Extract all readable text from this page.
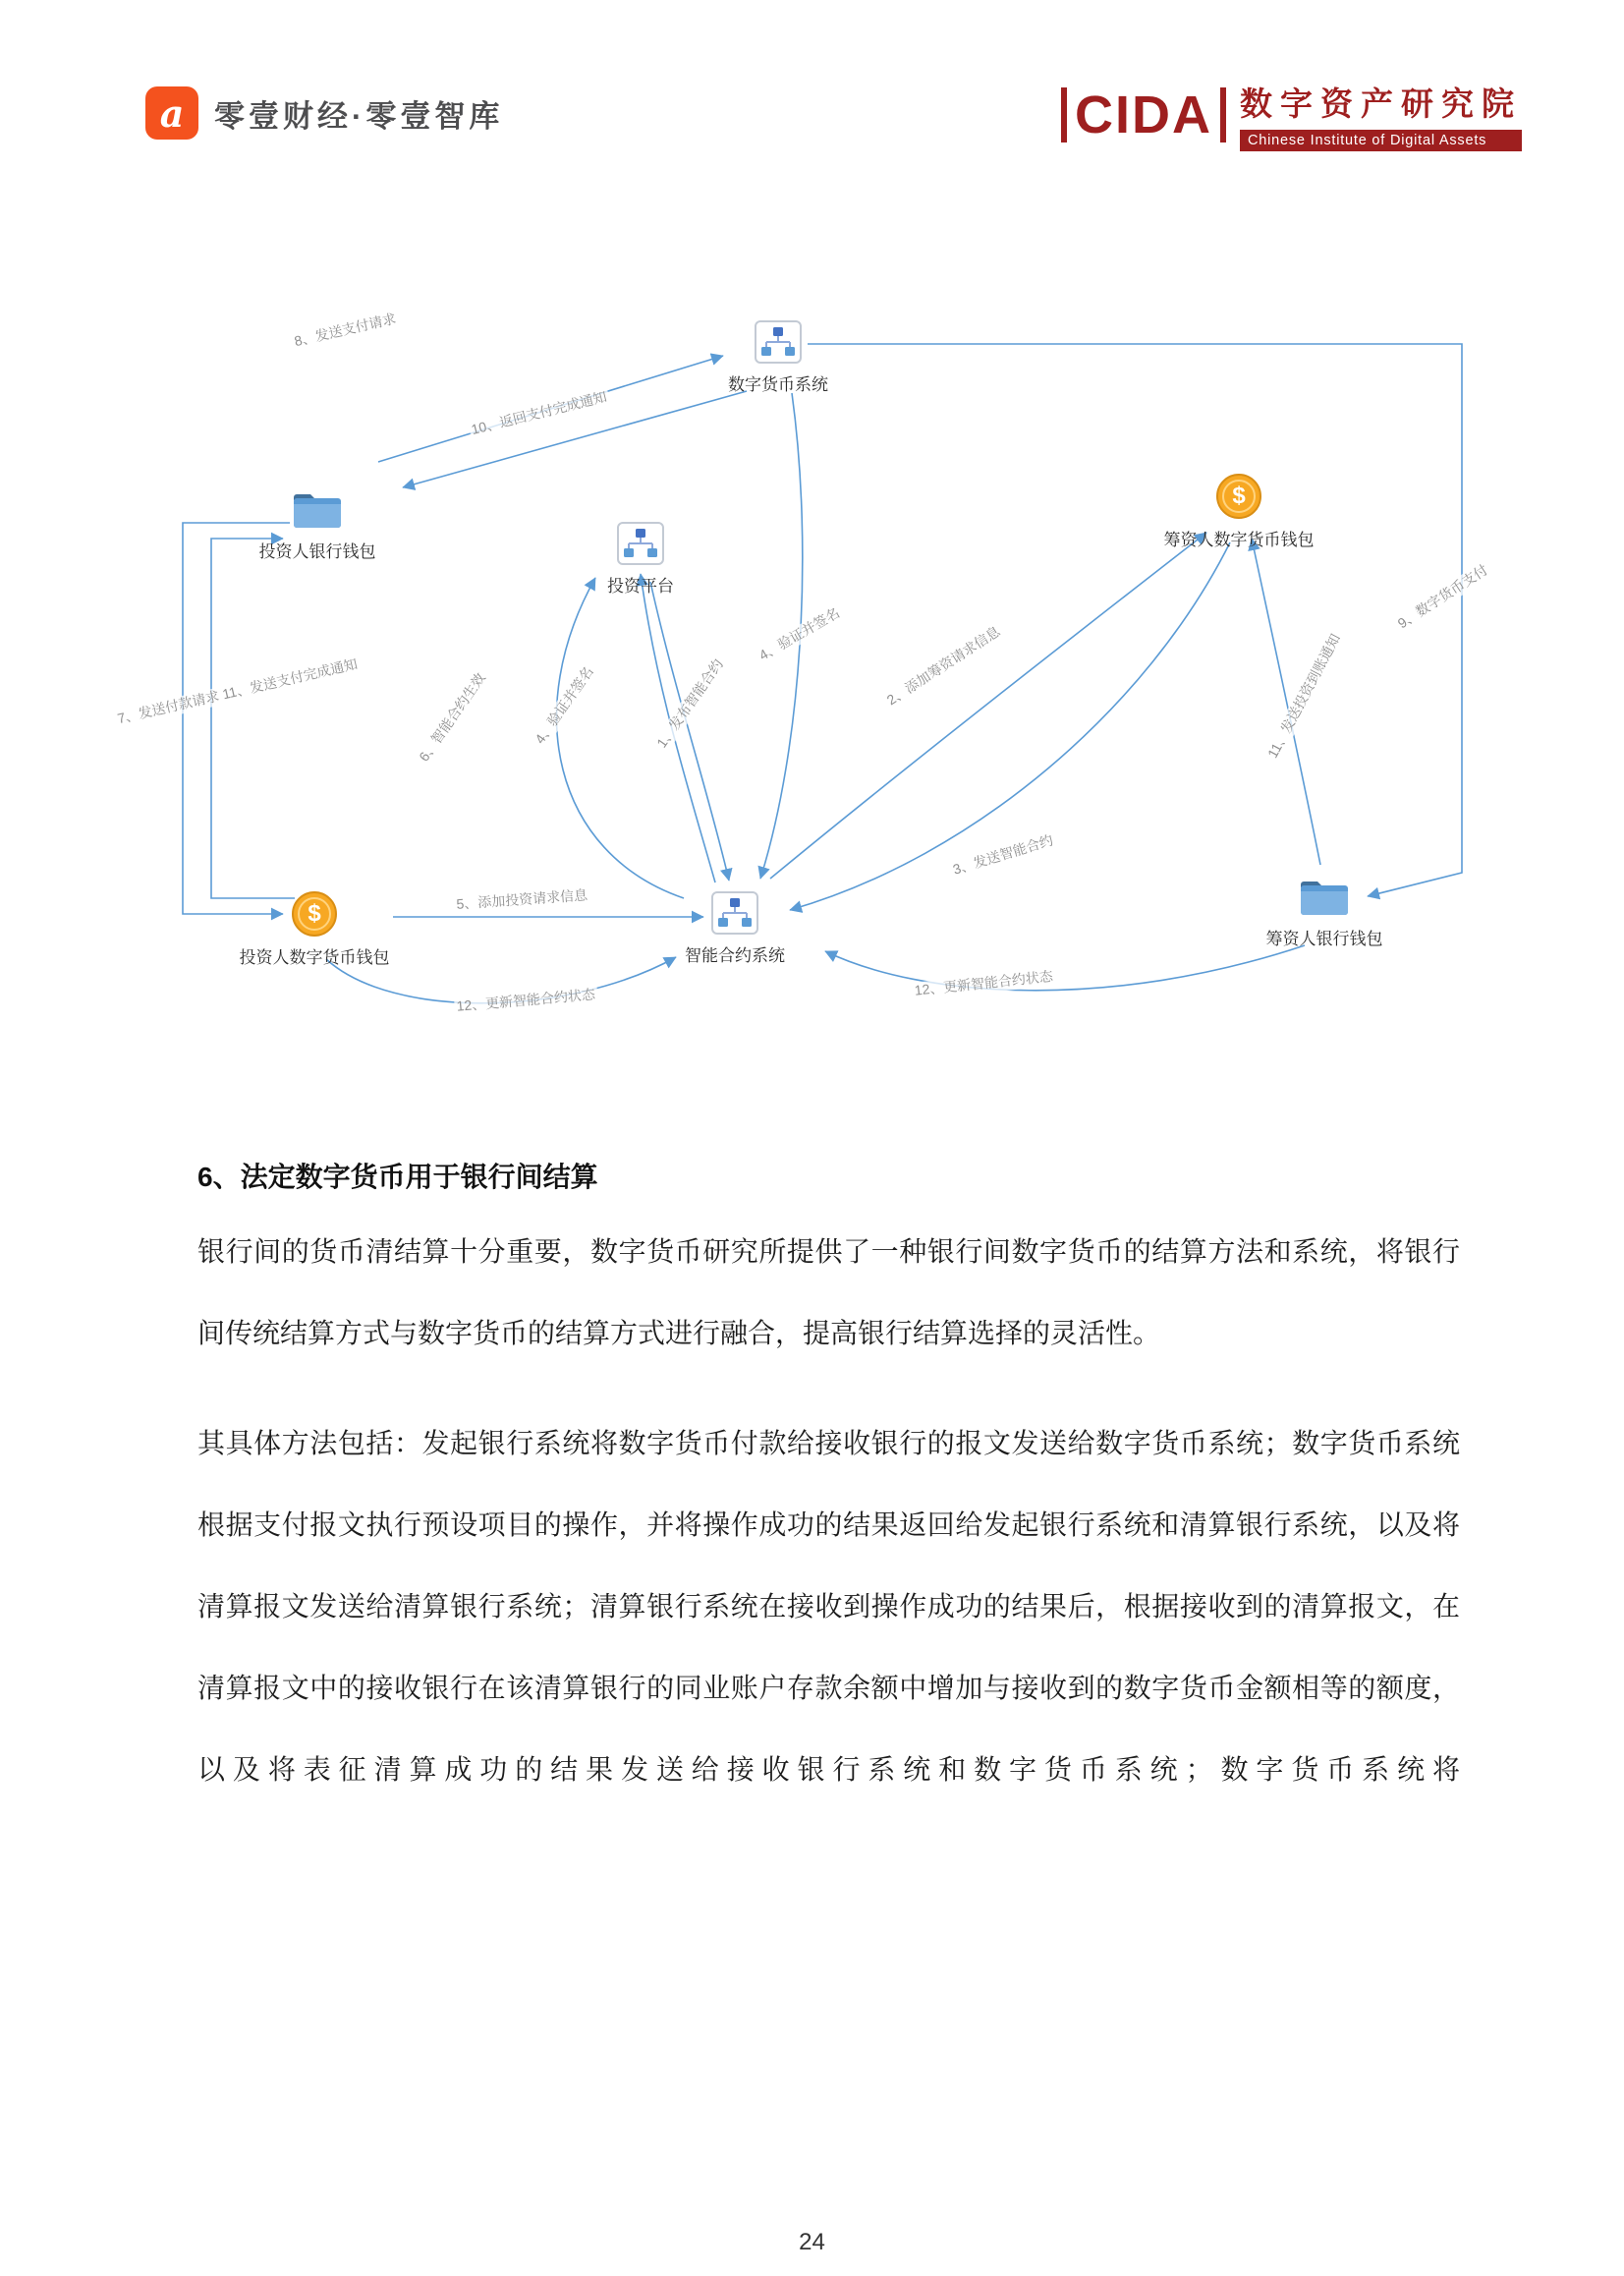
a 零壹财经·零壹智库	CIDA 数字资产研究院
Chinese Institute of Digital Assets
数字货币系统
投资人银行钱包
投资平台
$
筹资人数字货币钱包
$
投资人数字货币钱包	智能合约系统
筹资人银行钱包
8、发送支付请求
10、返回支付完成通知
4、验证并签名	2、添加筹资请求信息
9、数字货币支付
7、发送付款请求 11、发送支付完成通知	6、智能合约生效	4、验证并签名	1、发布智能合约
3、发送智能合约
11、发送投资到账通知
5、添加投资请求信息
12、更新智能合约状态
12、更新智能合约状态
6、法定数字货币用于银行间结算
银行间的货币清结算十分重要，数字货币研究所提供了一种银行间数字货币的结算方法和系统，将银行间传统结算方式与数字货币的结算方式进行融合，提高银行结算选择的灵活性。
其具体方法包括：发起银行系统将数字货币付款给接收银行的报文发送给数字货币系统；数字货币系统根据支付报文执行预设项目的操作，并将操作成功的结果返回给发起银行系统和清算银行系统，以及将清算报文发送给清算银行系统；清算银行系统在接收到操作成功的结果后，根据接收到的清算报文，在清算报文中的接收银行在该清算银行的同业账户存款余额中增加与接收到的数字货币金额相等的额度，以及将表征清算成功的结果发送给接收银行系统和数字货币系统；数字货币系统将
24
